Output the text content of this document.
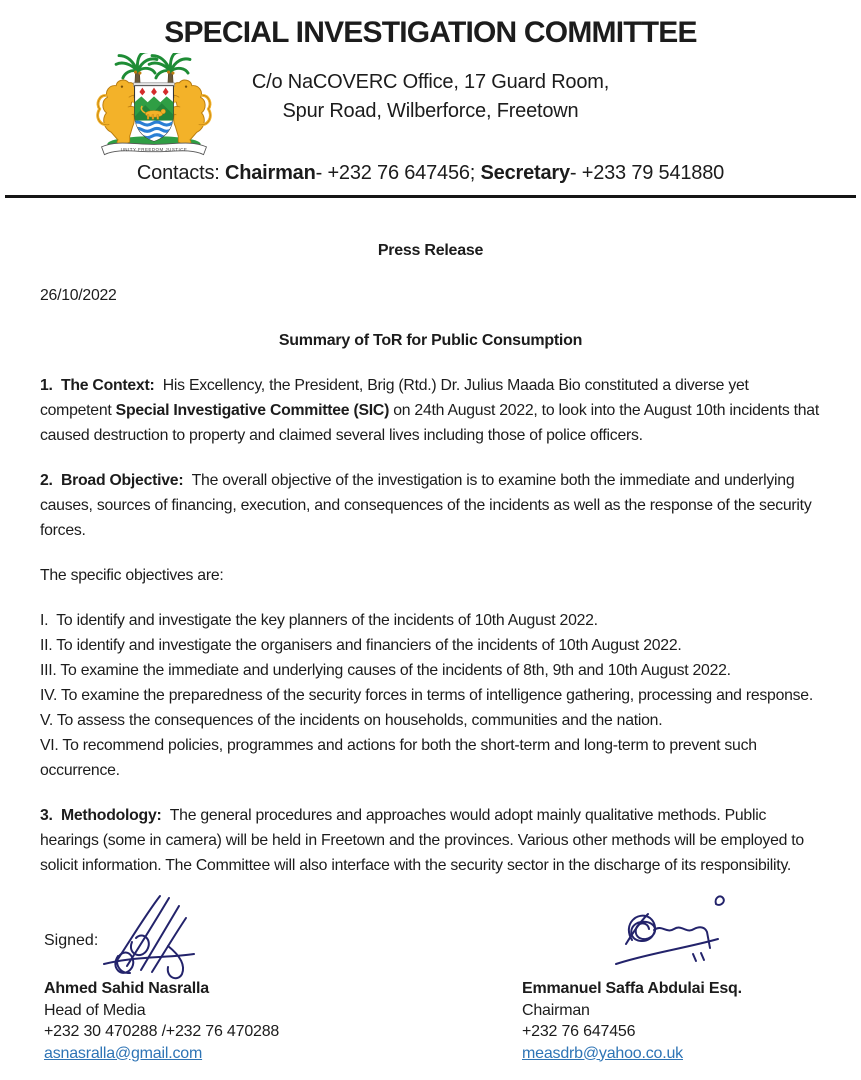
SPECIAL INVESTIGATION COMMITTEE
UNITY FREEDOM JUSTICE
C/o NaCOVERC Office, 17 Guard Room,
Spur Road, Wilberforce, Freetown
Contacts: Chairman- +232 76 647456; Secretary- +233 79 541880
Press Release
26/10/2022
Summary of ToR for Public Consumption

1.  The Context:  His Excellency, the President, Brig (Rtd.) Dr. Julius Maada Bio constituted a diverse yet competent Special Investigative Committee (SIC) on 24th August 2022, to look into the August 10th incidents that caused destruction to property and claimed several lives including those of police officers.

2.  Broad Objective:  The overall objective of the investigation is to examine both the immediate and underlying causes, sources of financing, execution, and consequences of the incidents as well as the response of the security forces.

The specific objectives are:

I.  To identify and investigate the key planners of the incidents of 10th August 2022.
II. To identify and investigate the organisers and financiers of the incidents of 10th August 2022.
III. To examine the immediate and underlying causes of the incidents of 8th, 9th and 10th August 2022.
IV. To examine the preparedness of the security forces in terms of intelligence gathering, processing and response.
V. To assess the consequences of the incidents on households, communities and the nation.
VI. To recommend policies, programmes and actions for both the short-term and long-term to prevent such occurrence.

3.  Methodology:  The general procedures and approaches would adopt mainly qualitative methods. Public hearings (some in camera) will be held in Freetown and the provinces. Various other methods will be employed to solicit information. The Committee will also interface with the security sector in the discharge of its responsibility.

Signed:
Ahmed Sahid Nasralla
Head of Media
+232 30 470288 /+232 76 470288
asnasralla@gmail.com
Emmanuel Saffa Abdulai Esq.
Chairman
+232 76 647456
measdrb@yahoo.co.uk
